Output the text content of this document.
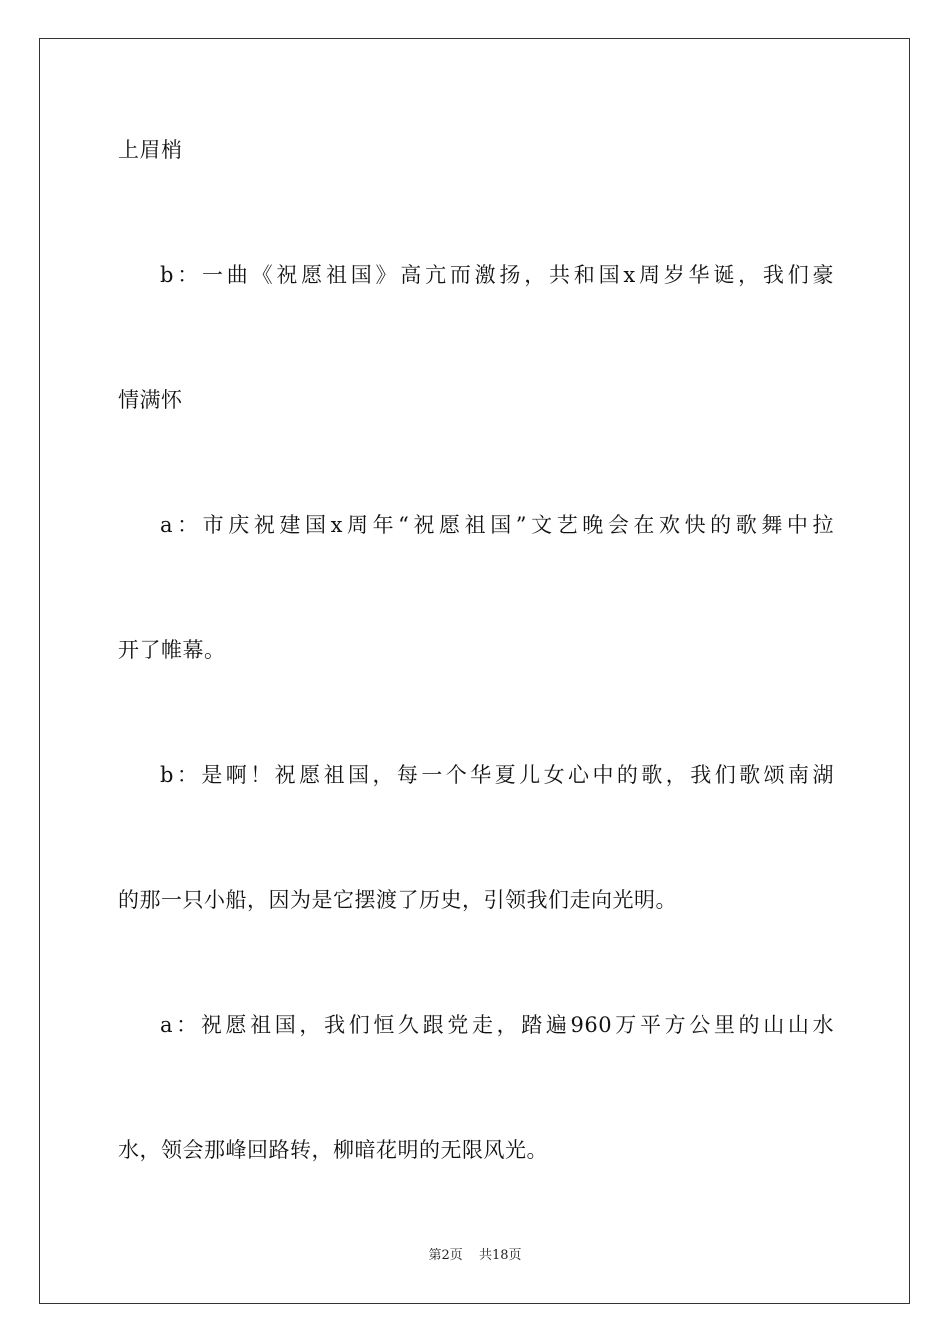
上眉梢
b：一曲《祝愿祖国》高亢而激扬，共和国x周岁华诞，我们豪
情满怀
a：市庆祝建国x周年“祝愿祖国”文艺晚会在欢快的歌舞中拉
开了帷幕。
b：是啊！祝愿祖国，每一个华夏儿女心中的歌，我们歌颂南湖
的那一只小船，因为是它摆渡了历史，引领我们走向光明。
a：祝愿祖国，我们恒久跟党走，踏遍960万平方公里的山山水
水，领会那峰回路转，柳暗花明的无限风光。
第2页 共18页
